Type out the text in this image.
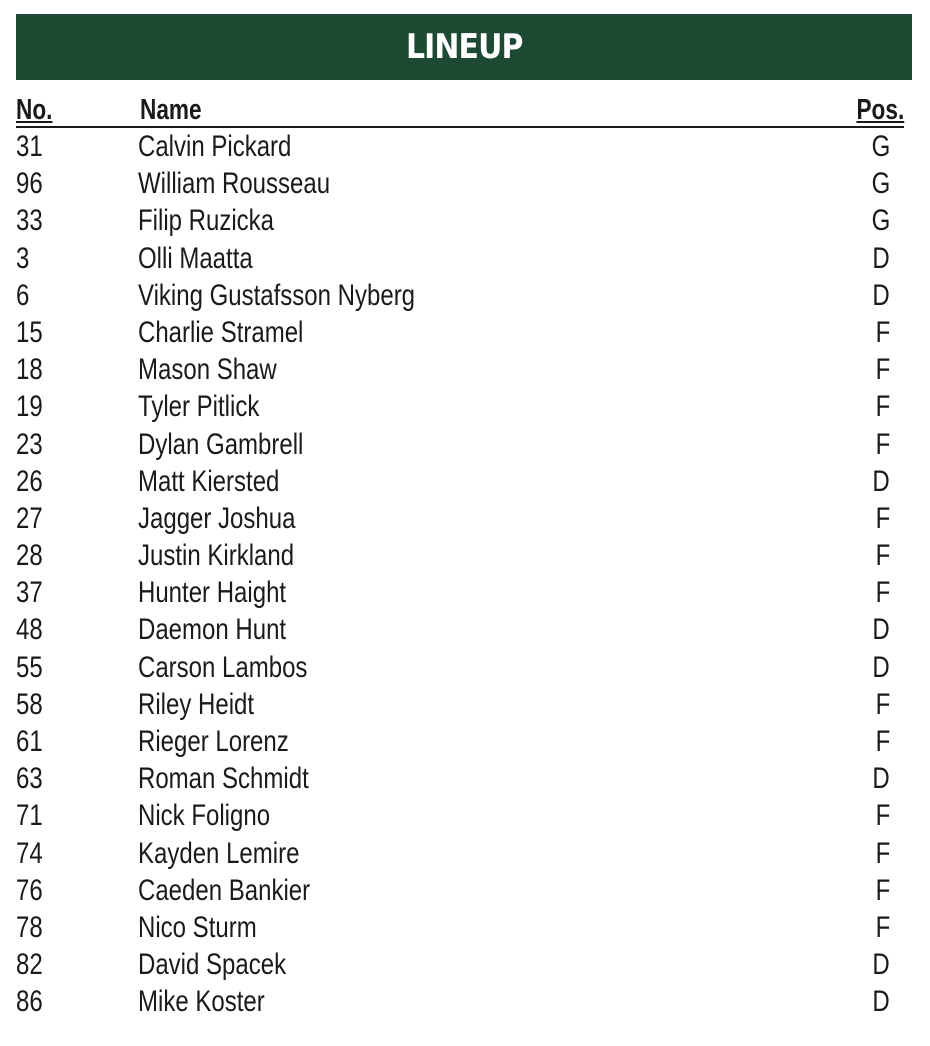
LINEUP
No.	Name	Pos.
31	Calvin Pickard	G
96	William Rousseau	G
33	Filip Ruzicka	G
3	Olli Maatta	D
6	Viking Gustafsson Nyberg	D
15	Charlie Stramel	F
18	Mason Shaw	F
19	Tyler Pitlick	F
23	Dylan Gambrell	F
26	Matt Kiersted	D
27	Jagger Joshua	F
28	Justin Kirkland	F
37	Hunter Haight	F
48	Daemon Hunt	D
55	Carson Lambos	D
58	Riley Heidt	F
61	Rieger Lorenz	F
63	Roman Schmidt	D
71	Nick Foligno	F
74	Kayden Lemire	F
76	Caeden Bankier	F
78	Nico Sturm	F
82	David Spacek	D
86	Mike Koster	D
